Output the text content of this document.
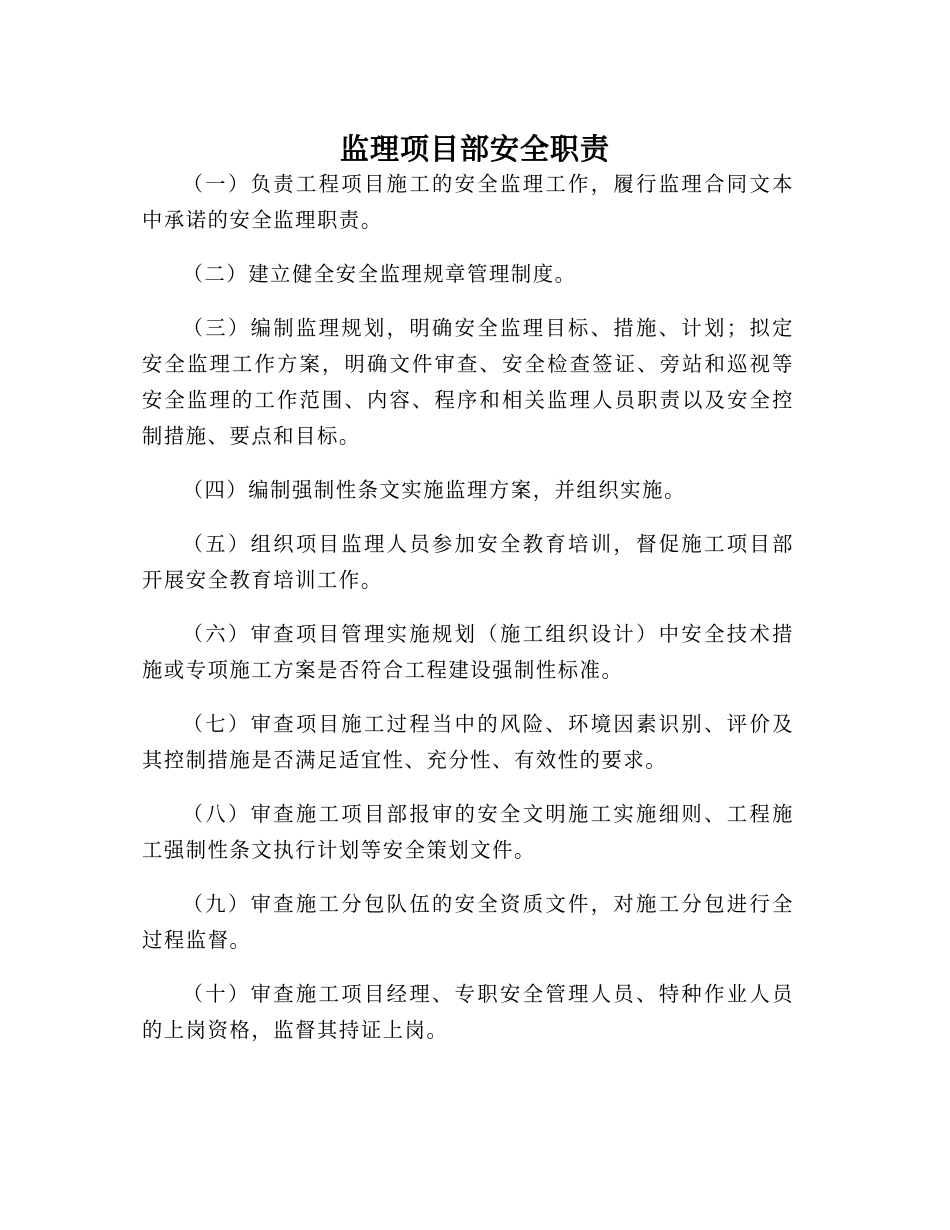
监理项目部安全职责

（一）负责工程项目施工的安全监理工作，履行监理合同文本中承诺的安全监理职责。

（二）建立健全安全监理规章管理制度。

（三）编制监理规划，明确安全监理目标、措施、计划；拟定安全监理工作方案，明确文件审查、安全检查签证、旁站和巡视等安全监理的工作范围、内容、程序和相关监理人员职责以及安全控制措施、要点和目标。

（四）编制强制性条文实施监理方案，并组织实施。

（五）组织项目监理人员参加安全教育培训，督促施工项目部开展安全教育培训工作。

（六）审查项目管理实施规划（施工组织设计）中安全技术措施或专项施工方案是否符合工程建设强制性标准。

（七）审查项目施工过程当中的风险、环境因素识别、评价及其控制措施是否满足适宜性、充分性、有效性的要求。

（八）审查施工项目部报审的安全文明施工实施细则、工程施工强制性条文执行计划等安全策划文件。

（九）审查施工分包队伍的安全资质文件，对施工分包进行全过程监督。

（十）审查施工项目经理、专职安全管理人员、特种作业人员的上岗资格，监督其持证上岗。
